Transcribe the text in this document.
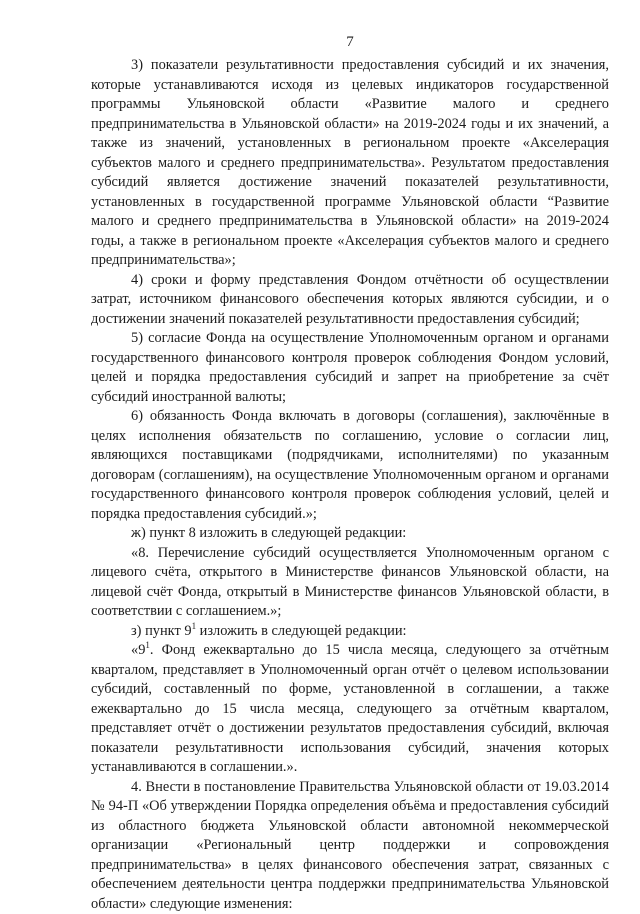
7

3) показатели результативности предоставления субсидий и их значения, которые устанавливаются исходя из целевых индикаторов государственной программы Ульяновской области «Развитие малого и среднего предпринимательства в Ульяновской области» на 2019-2024 годы и их значений, а также из значений, установленных в региональном проекте «Акселерация субъектов малого и среднего предпринимательства». Результатом предоставления субсидий является достижение значений показателей результативности, установленных в государственной программе Ульяновской области “Развитие малого и среднего предпринимательства в Ульяновской области» на 2019-2024 годы, а также в региональном проекте «Акселерация субъектов малого и среднего предпринимательства»;

4) сроки и форму представления Фондом отчётности об осуществлении затрат, источником финансового обеспечения которых являются субсидии, и о достижении значений показателей результативности предоставления субсидий;

5) согласие Фонда на осуществление Уполномоченным органом и органами государственного финансового контроля проверок соблюдения Фондом условий, целей и порядка предоставления субсидий и запрет на приобретение за счёт субсидий иностранной валюты;

6) обязанность Фонда включать в договоры (соглашения), заключённые в целях исполнения обязательств по соглашению, условие о согласии лиц, являющихся поставщиками (подрядчиками, исполнителями) по указанным договорам (соглашениям), на осуществление Уполномоченным органом и органами государственного финансового контроля проверок соблюдения условий, целей и порядка предоставления субсидий.»;

ж) пункт 8 изложить в следующей редакции:

«8. Перечисление субсидий осуществляется Уполномоченным органом с лицевого счёта, открытого в Министерстве финансов Ульяновской области, на лицевой счёт Фонда, открытый в Министерстве финансов Ульяновской области, в соответствии с соглашением.»;

з) пункт $9^1$ изложить в следующей редакции:

«$9^1$. Фонд ежеквартально до 15 числа месяца, следующего за отчётным кварталом, представляет в Уполномоченный орган отчёт о целевом использовании субсидий, составленный по форме, установленной в соглашении, а также ежеквартально до 15 числа месяца, следующего за отчётным кварталом, представляет отчёт о достижении результатов предоставления субсидий, включая показатели результативности использования субсидий, значения которых устанавливаются в соглашении.».

4. Внести в постановление Правительства Ульяновской области от 19.03.2014 № 94-П «Об утверждении Порядка определения объёма и предоставления субсидий из областного бюджета Ульяновской области автономной некоммерческой организации «Региональный центр поддержки и сопровождения предпринимательства» в целях финансового обеспечения затрат, связанных с обеспечением деятельности центра поддержки предпринимательства Ульяновской области» следующие изменения:
